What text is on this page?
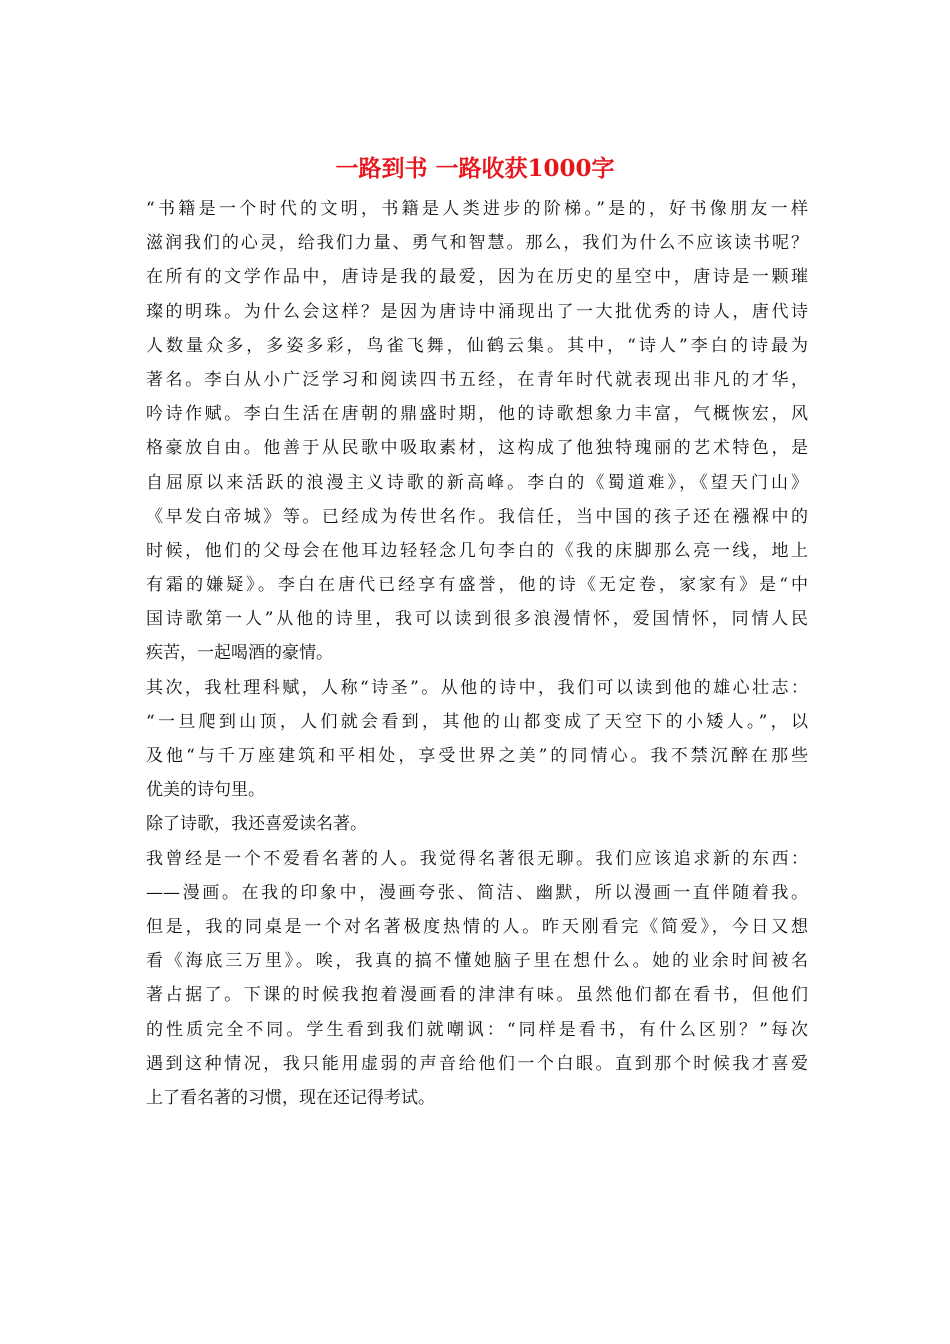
一路到书 一路收获1000字
“书籍是一个时代的文明，书籍是人类进步的阶梯。”是的，好书像朋友一样
滋润我们的心灵，给我们力量、勇气和智慧。那么，我们为什么不应该读书呢？
在所有的文学作品中，唐诗是我的最爱，因为在历史的星空中，唐诗是一颗璀
璨的明珠。为什么会这样？是因为唐诗中涌现出了一大批优秀的诗人，唐代诗
人数量众多，多姿多彩，鸟雀飞舞，仙鹤云集。其中，“诗人”李白的诗最为
著名。李白从小广泛学习和阅读四书五经，在青年时代就表现出非凡的才华，
吟诗作赋。李白生活在唐朝的鼎盛时期，他的诗歌想象力丰富，气概恢宏，风
格豪放自由。他善于从民歌中吸取素材，这构成了他独特瑰丽的艺术特色，是
自屈原以来活跃的浪漫主义诗歌的新高峰。李白的《蜀道难》，《望天门山》
《早发白帝城》等。已经成为传世名作。我信任，当中国的孩子还在襁褓中的
时候，他们的父母会在他耳边轻轻念几句李白的《我的床脚那么亮一线，地上
有霜的嫌疑》。李白在唐代已经享有盛誉，他的诗《无定卷，家家有》是“中
国诗歌第一人”从他的诗里，我可以读到很多浪漫情怀，爱国情怀，同情人民
疾苦，一起喝酒的豪情。
其次，我杜理科赋，人称“诗圣”。从他的诗中，我们可以读到他的雄心壮志：
“一旦爬到山顶，人们就会看到，其他的山都变成了天空下的小矮人。”，以
及他“与千万座建筑和平相处，享受世界之美”的同情心。我不禁沉醉在那些
优美的诗句里。
除了诗歌，我还喜爱读名著。
我曾经是一个不爱看名著的人。我觉得名著很无聊。我们应该追求新的东西：
——漫画。在我的印象中，漫画夸张、简洁、幽默，所以漫画一直伴随着我。
但是，我的同桌是一个对名著极度热情的人。昨天刚看完《简爱》，今日又想
看《海底三万里》。唉，我真的搞不懂她脑子里在想什么。她的业余时间被名
著占据了。下课的时候我抱着漫画看的津津有味。虽然他们都在看书，但他们
的性质完全不同。学生看到我们就嘲讽：“同样是看书，有什么区别？”每次
遇到这种情况，我只能用虚弱的声音给他们一个白眼。直到那个时候我才喜爱
上了看名著的习惯，现在还记得考试。
